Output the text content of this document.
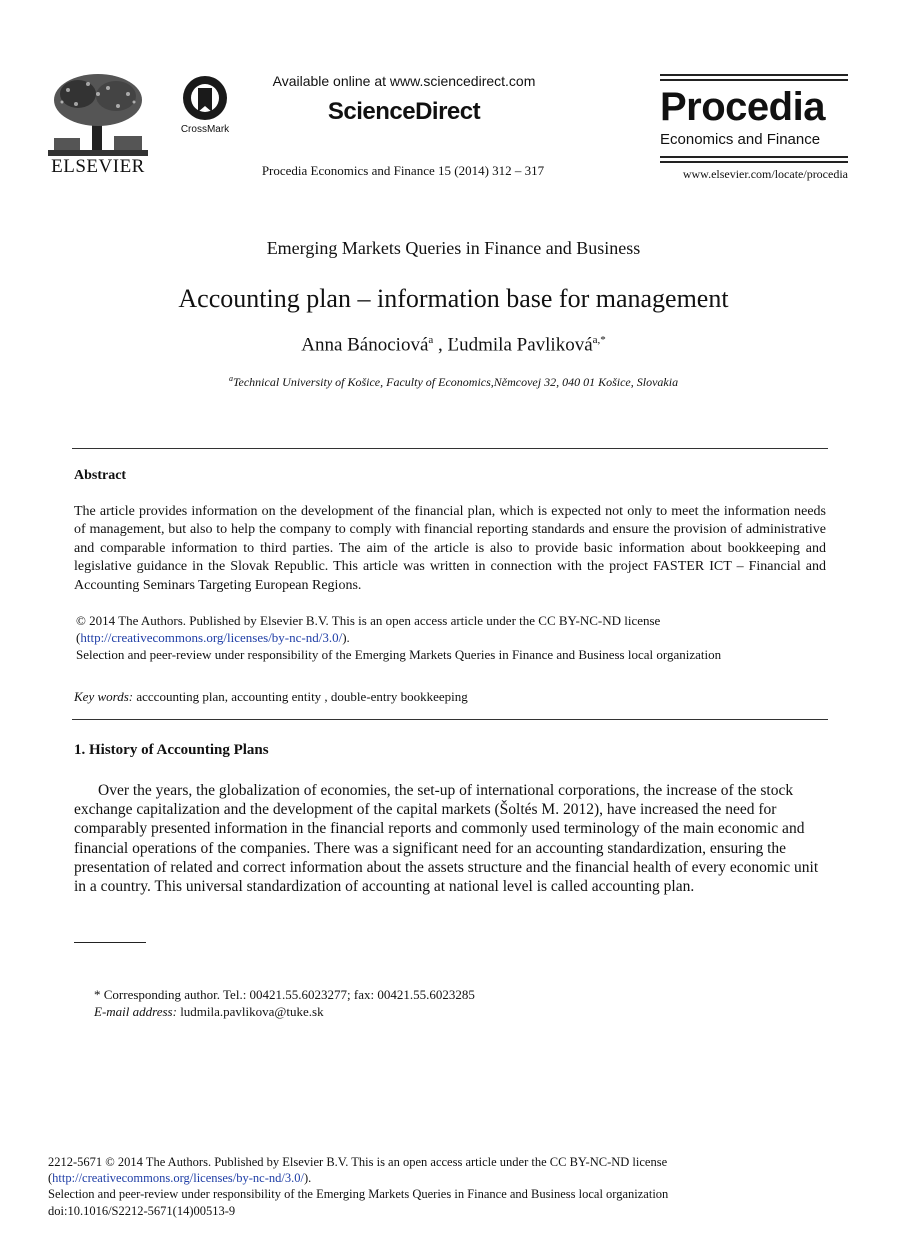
ELSEVIER
CrossMark
Available online at www.sciencedirect.com
ScienceDirect
Procedia Economics and Finance 15 (2014) 312 – 317
Procedia
Economics and Finance
www.elsevier.com/locate/procedia
Emerging Markets Queries in Finance and Business
Accounting plan – information base for management
Anna Bánociová$^a$ , Ľudmila Pavliková$^{a,*}$
$^a$Technical University of Košice, Faculty of Economics,Němcovej 32, 040 01 Košice, Slovakia
Abstract
The article provides information on the development of the financial plan, which is expected not only to meet the information needs of management, but also to help the company to comply with financial reporting standards and ensure the provision of administrative and comparable information to third parties. The aim of the article is also to provide basic information about bookkeeping and legislative guidance in the Slovak Republic. This article was written in connection with the project FASTER ICT – Financial and Accounting Seminars Targeting European Regions.
© 2014 The Authors. Published by Elsevier B.V. This is an open access article under the CC BY-NC-ND license
(http://creativecommons.org/licenses/by-nc-nd/3.0/).
Selection and peer-review under responsibility of the Emerging Markets Queries in Finance and Business local organization
Key words: acccounting plan, accounting entity , double-entry bookkeeping
1. History of Accounting Plans

Over the years, the globalization of economies, the set-up of international corporations, the increase of the stock exchange capitalization and the development of the capital markets (Šoltés M. 2012), have increased the need for comparably presented information in the financial reports and commonly used terminology of the main economic and financial operations of the companies. There was a significant need for an accounting standardization, ensuring the presentation of related and correct information about the assets structure and the financial health of every economic unit in a country. This universal standardization of accounting at national level is called accounting plan.

* Corresponding author. Tel.: 00421.55.6023277; fax: 00421.55.6023285
E-mail address: ludmila.pavlikova@tuke.sk
2212-5671 © 2014 The Authors. Published by Elsevier B.V. This is an open access article under the CC BY-NC-ND license
(http://creativecommons.org/licenses/by-nc-nd/3.0/).
Selection and peer-review under responsibility of the Emerging Markets Queries in Finance and Business local organization
doi:10.1016/S2212-5671(14)00513-9
